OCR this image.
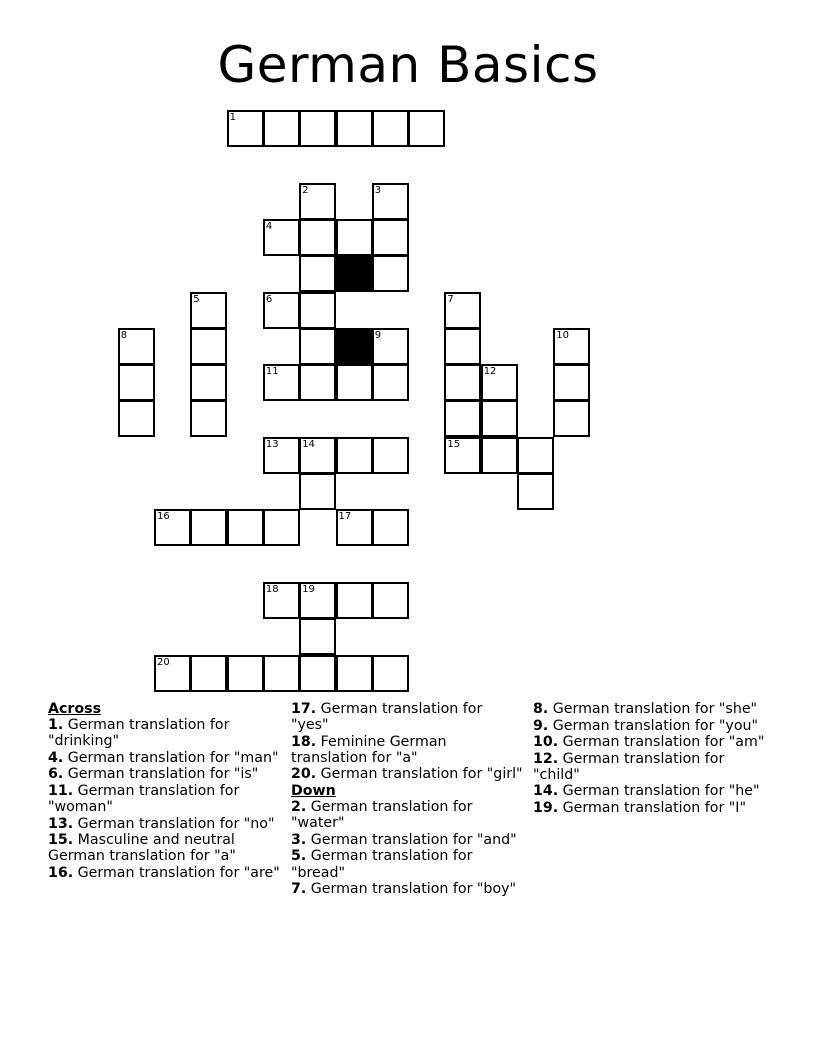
German Basics
1
2	3
4
5	6	7
8	9	10
11	12
13 14	15
16	17
18 19
20

Across

1. German translation for "drinking"

4. German translation for "man"

6. German translation for "is"

11. German translation for "woman"

13. German translation for "no"

15. Masculine and neutral German translation for "a"

16. German translation for "are"

17. German translation for "yes"

18. Feminine German translation for "a"

20. German translation for "girl"

Down

2. German translation for "water"

3. German translation for "and"

5. German translation for "bread"

7. German translation for "boy"

8. German translation for "she"

9. German translation for "you"

10. German translation for "am"

12. German translation for "child"

14. German translation for "he"

19. German translation for "I"
